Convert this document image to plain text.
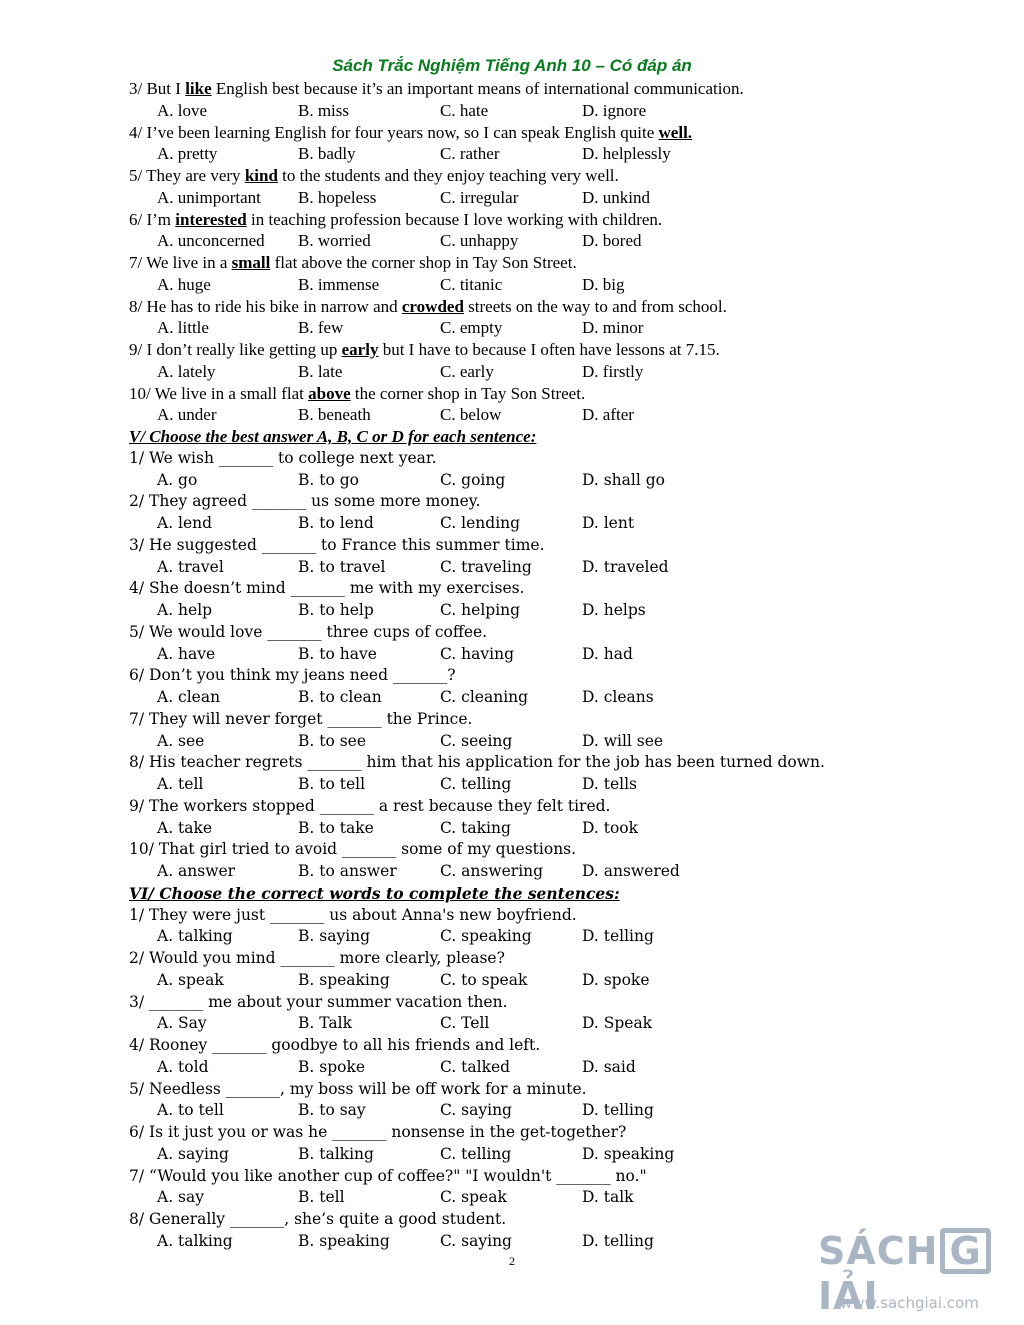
Sách Trắc Nghiệm Tiếng Anh 10 – Có đáp án
3/ But I like English best because it’s an important means of international communication.
A. love	B. miss	C. hate	D. ignore
4/ I’ve been learning English for four years now, so I can speak English quite well.
A. pretty	B. badly	C. rather	D. helplessly
5/ They are very kind to the students and they enjoy teaching very well.
A. unimportant B. hopeless	C. irregular	D. unkind
6/ I’m interested in teaching profession because I love working with children.
A. unconcerned B. worried	C. unhappy	D. bored
7/ We live in a small flat above the corner shop in Tay Son Street.
A. huge	B. immense	C. titanic	D. big
8/ He has to ride his bike in narrow and crowded streets on the way to and from school.
A. little	B. few	C. empty	D. minor
9/ I don’t really like getting up early but I have to because I often have lessons at 7.15.
A. lately	B. late	C. early	D. firstly
10/ We live in a small flat above the corner shop in Tay Son Street.
A. under	B. beneath	C. below	D. after
V/ Choose the best answer A, B, C or D for each sentence:
1/ We wish _______ to college next year.
A. go	B. to go	C. going	D. shall go
2/ They agreed _______ us some more money.
A. lend	B. to lend	C. lending	D. lent
3/ He suggested _______ to France this summer time.
A. travel	B. to travel	C. traveling	D. traveled
4/ She doesn’t mind _______ me with my exercises.
A. help	B. to help	C. helping	D. helps
5/ We would love _______ three cups of coffee.
A. have	B. to have	C. having	D. had
6/ Don’t you think my jeans need _______?
A. clean	B. to clean	C. cleaning	D. cleans
7/ They will never forget _______ the Prince.
A. see	B. to see	C. seeing	D. will see
8/ His teacher regrets _______ him that his application for the job has been turned down.
A. tell	B. to tell	C. telling	D. tells
9/ The workers stopped _______ a rest because they felt tired.
A. take	B. to take	C. taking	D. took
10/ That girl tried to avoid _______ some of my questions.
A. answer	B. to answer	C. answering	D. answered
VI/ Choose the correct words to complete the sentences:
1/ They were just _______ us about Anna's new boyfriend.
A. talking	B. saying	C. speaking	D. telling
2/ Would you mind _______ more clearly, please?
A. speak	B. speaking	C. to speak	D. spoke
3/ _______ me about your summer vacation then.
A. Say	B. Talk	C. Tell	D. Speak
4/ Rooney _______ goodbye to all his friends and left.
A. told	B. spoke	C. talked	D. said
5/ Needless _______, my boss will be off work for a minute.
A. to tell	B. to say	C. saying	D. telling
6/ Is it just you or was he _______ nonsense in the get-together?
A. saying	B. talking	C. telling	D. speaking
7/ “Would you like another cup of coffee?" "I wouldn't _______ no."
A. say	B. tell	C. speak	D. talk
8/ Generally _______, she’s quite a good student.
A. talking	B. speaking	C. saying	D. telling
2	SÁCH GIẢI
www.sachgiai.com
